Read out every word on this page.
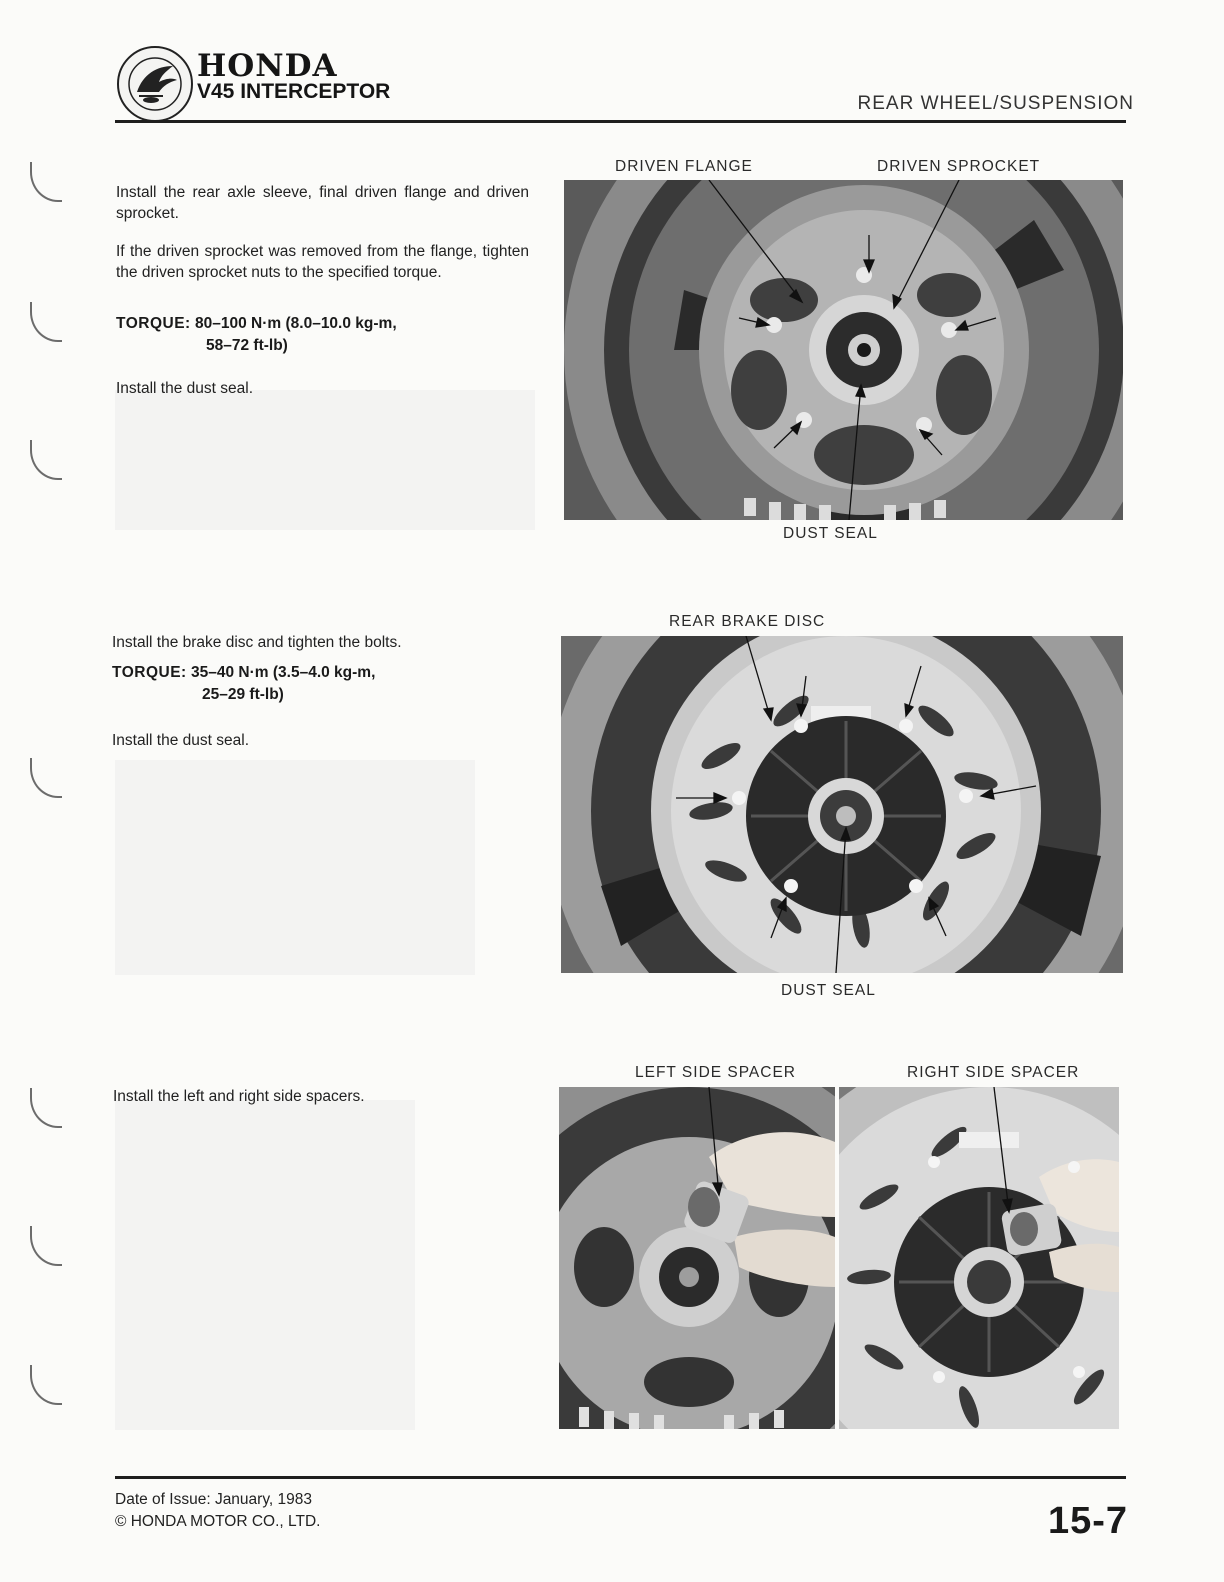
HONDA
V45 INTERCEPTOR
REAR WHEEL/SUSPENSION
Install the rear axle sleeve, final driven flange and driven sprocket.
If the driven sprocket was removed from the flange, tighten the driven sprocket nuts to the specified torque.
TORQUE: 80–100 N·m (8.0–10.0 kg-m,
58–72 ft-lb)
Install the dust seal.
DRIVEN FLANGE	DRIVEN SPROCKET
DUST SEAL
Install the brake disc and tighten the bolts.
TORQUE: 35–40 N·m (3.5–4.0 kg-m,
25–29 ft-lb)
Install the dust seal.
REAR BRAKE DISC
DUST SEAL
Install the left and right side spacers.
LEFT SIDE SPACER	RIGHT SIDE SPACER
Date of Issue: January, 1983
© HONDA MOTOR CO., LTD.	15-7
